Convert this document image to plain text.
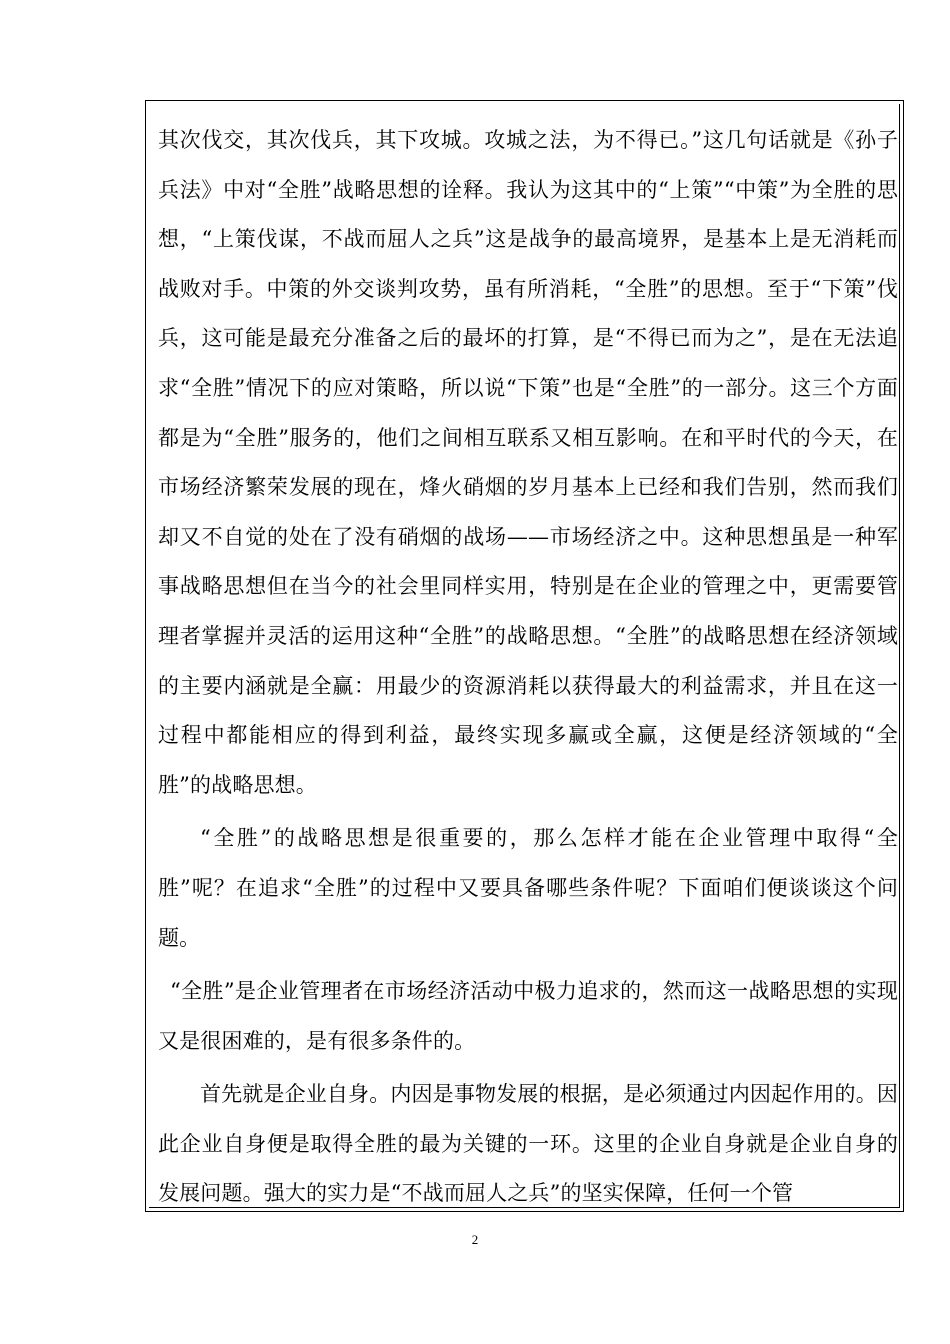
其次伐交，其次伐兵，其下攻城。攻城之法，为不得已。”这几句话就是《孙子兵法》中对“全胜”战略思想的诠释。我认为这其中的“上策”“中策”为全胜的思想，“上策伐谋，不战而屈人之兵”这是战争的最高境界，是基本上是无消耗而战败对手。中策的外交谈判攻势，虽有所消耗，“全胜”的思想。至于“下策”伐兵，这可能是最充分准备之后的最坏的打算，是“不得已而为之”，是在无法追求“全胜”情况下的应对策略，所以说“下策”也是“全胜”的一部分。这三个方面都是为“全胜”服务的，他们之间相互联系又相互影响。在和平时代的今天，在市场经济繁荣发展的现在，烽火硝烟的岁月基本上已经和我们告别，然而我们却又不自觉的处在了没有硝烟的战场——市场经济之中。这种思想虽是一种军事战略思想但在当今的社会里同样实用，特别是在企业的管理之中，更需要管理者掌握并灵活的运用这种“全胜”的战略思想。“全胜”的战略思想在经济领域的主要内涵就是全赢：用最少的资源消耗以获得最大的利益需求，并且在这一过程中都能相应的得到利益，最终实现多赢或全赢，这便是经济领域的“全胜”的战略思想。

“全胜”的战略思想是很重要的，那么怎样才能在企业管理中取得“全胜”呢？在追求“全胜”的过程中又要具备哪些条件呢？下面咱们便谈谈这个问题。

“全胜”是企业管理者在市场经济活动中极力追求的，然而这一战略思想的实现又是很困难的，是有很多条件的。

首先就是企业自身。内因是事物发展的根据，是必须通过内因起作用的。因此企业自身便是取得全胜的最为关键的一环。这里的企业自身就是企业自身的发展问题。强大的实力是“不战而屈人之兵”的坚实保障，任何一个管

2
